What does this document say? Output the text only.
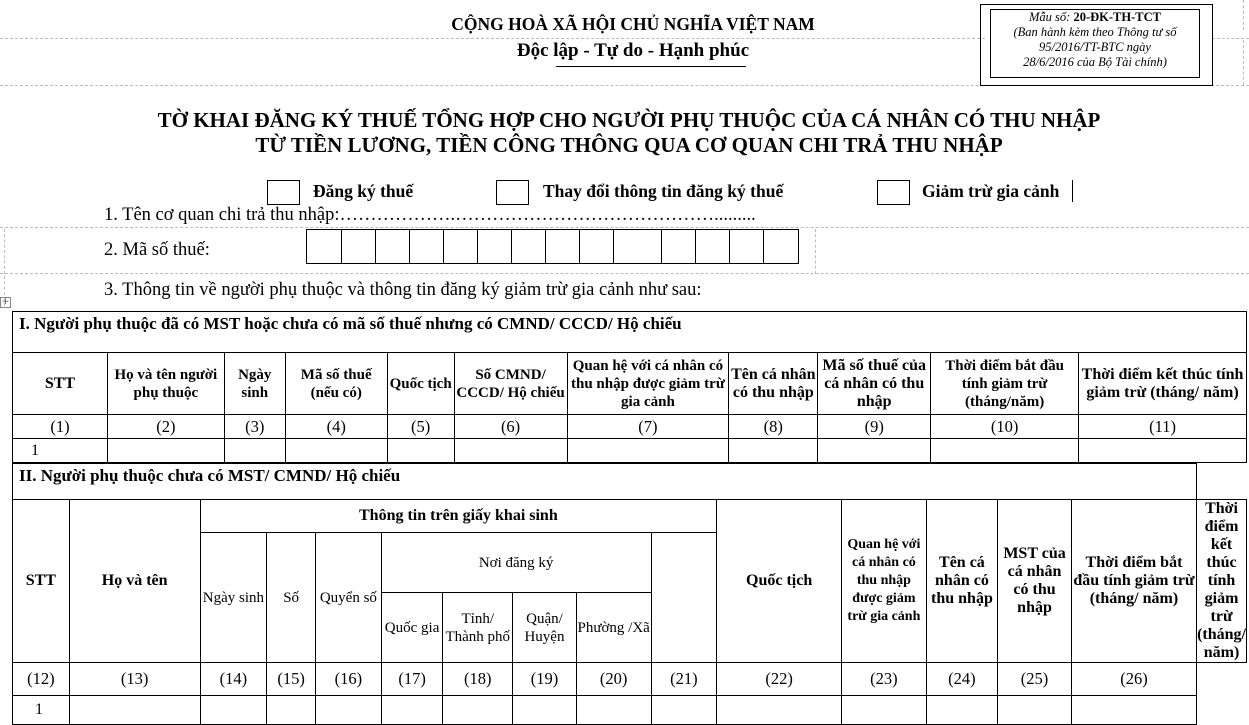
CỘNG HOÀ XÃ HỘI CHỦ NGHĨA VIỆT NAM
Độc lập - Tự do - Hạnh phúc
Mẫu số: 20-ĐK-TH-TCT
(Ban hành kèm theo Thông tư số
95/2016/TT-BTC ngày
28/6/2016 của Bộ Tài chính)
TỜ KHAI ĐĂNG KÝ THUẾ TỔNG HỢP CHO NGƯỜI PHỤ THUỘC CỦA CÁ NHÂN CÓ THU NHẬP
TỪ TIỀN LƯƠNG, TIỀN CÔNG THÔNG QUA CƠ QUAN CHI TRẢ THU NHẬP
Đăng ký thuế	Thay đổi thông tin đăng ký thuế	Giảm trừ gia cảnh
1. Tên cơ quan chi trả thu nhập:……………….…………………………………….........
2. Mã số thuế:
3. Thông tin về người phụ thuộc và thông tin đăng ký giảm trừ gia cảnh như sau:
+
I. Người phụ thuộc đã có MST hoặc chưa có mã số thuế nhưng có CMND/ CCCD/ Hộ chiếu										
STT	Họ và tên người phụ thuộc	Ngày sinh	Mã số thuế (nếu có)	Quốc tịch	Số CMND/ CCCD/ Hộ chiếu	Quan hệ với cá nhân có thu nhập được giảm trừ gia cảnh	Tên cá nhân có thu nhập	Mã số thuế của cá nhân có thu nhập	Thời điểm bắt đầu tính giảm trừ (tháng/năm)	Thời điểm kết thúc tính giảm trừ (tháng/ năm)
(1)	(2)	(3)	(4)	(5)	(6)	(7)	(8)	(9)	(10)	(11)
1										
II. Người phụ thuộc chưa có MST/ CMND/ Hộ chiếu															
STT	Họ và tên	Thông tin trên giấy khai sinh								Quốc tịch	Quan hệ với cá nhân có thu nhập được giảm trừ gia cảnh	Tên cá nhân có thu nhập	MST của cá nhân có thu nhập	Thời điểm bắt đầu tính giảm trừ (tháng/ năm)	Thời điểm kết thúc tính giảm trừ (tháng/ năm)
		Ngày sinh	Số	Quyển số	Nơi đăng ký										
					Quốc gia	Tỉnh/ Thành phố	Quận/ Huyện	Phường /Xã							
(12)	(13)	(14)	(15)	(16)	(17)	(18)	(19)	(20)	(21)	(22)	(23)	(24)	(25)	(26)	
1															
